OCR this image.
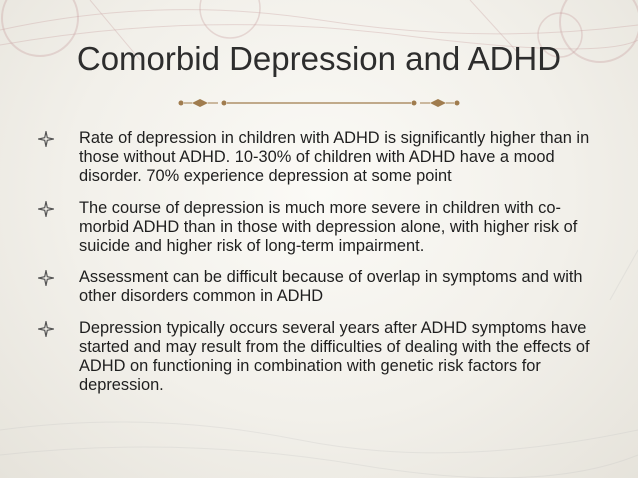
Comorbid Depression and ADHD
Rate of depression in children with ADHD is significantly higher than in those without ADHD. 10-30% of children with ADHD have a mood disorder. 70% experience depression at some point
The course of depression is much more severe in children with co-morbid ADHD than in those with depression alone, with higher risk of suicide and higher risk of long-term impairment.
Assessment can be difficult because of overlap in symptoms and with other disorders common in ADHD
Depression typically occurs several years after ADHD symptoms have started and may result from the difficulties of dealing with the effects of ADHD on functioning in combination with genetic risk factors for depression.
